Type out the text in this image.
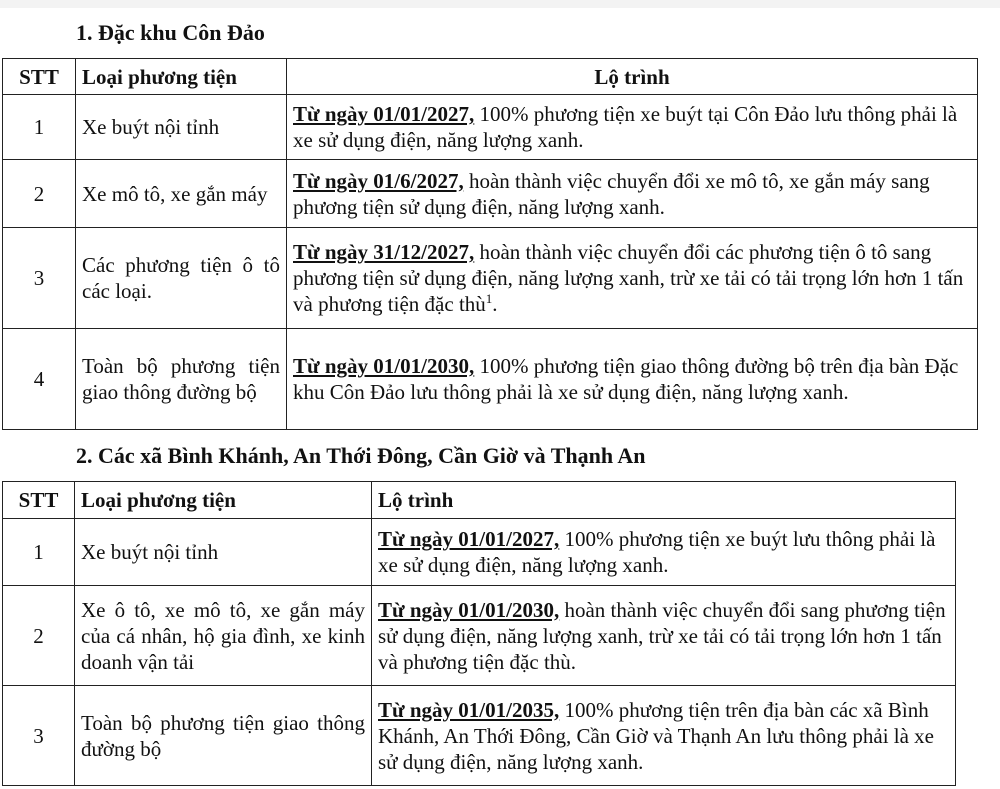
1. Đặc khu Côn Đảo
STT	Loại phương tiện	Lộ trình
1	Xe buýt nội tỉnh	Từ ngày 01/01/2027, 100% phương tiện xe buýt tại Côn Đảo lưu thông phải là xe sử dụng điện, năng lượng xanh.
2	Xe mô tô, xe gắn máy	Từ ngày 01/6/2027, hoàn thành việc chuyển đổi xe mô tô, xe gắn máy sang phương tiện sử dụng điện, năng lượng xanh.
3	Các phương tiện ô tô các loại.	Từ ngày 31/12/2027, hoàn thành việc chuyển đổi các phương tiện ô tô sang phương tiện sử dụng điện, năng lượng xanh, trừ xe tải có tải trọng lớn hơn 1 tấn và phương tiện đặc thù$^1$.
4	Toàn bộ phương tiện giao thông đường bộ	Từ ngày 01/01/2030, 100% phương tiện giao thông đường bộ trên địa bàn Đặc khu Côn Đảo lưu thông phải là xe sử dụng điện, năng lượng xanh.
2. Các xã Bình Khánh, An Thới Đông, Cần Giờ và Thạnh An
STT	Loại phương tiện	Lộ trình
1	Xe buýt nội tỉnh	Từ ngày 01/01/2027, 100% phương tiện xe buýt lưu thông phải là xe sử dụng điện, năng lượng xanh.
2	Xe ô tô, xe mô tô, xe gắn máy của cá nhân, hộ gia đình, xe kinh doanh vận tải	Từ ngày 01/01/2030, hoàn thành việc chuyển đổi sang phương tiện sử dụng điện, năng lượng xanh, trừ xe tải có tải trọng lớn hơn 1 tấn và phương tiện đặc thù.
3	Toàn bộ phương tiện giao thông đường bộ	Từ ngày 01/01/2035, 100% phương tiện trên địa bàn các xã Bình Khánh, An Thới Đông, Cần Giờ và Thạnh An lưu thông phải là xe sử dụng điện, năng lượng xanh.
